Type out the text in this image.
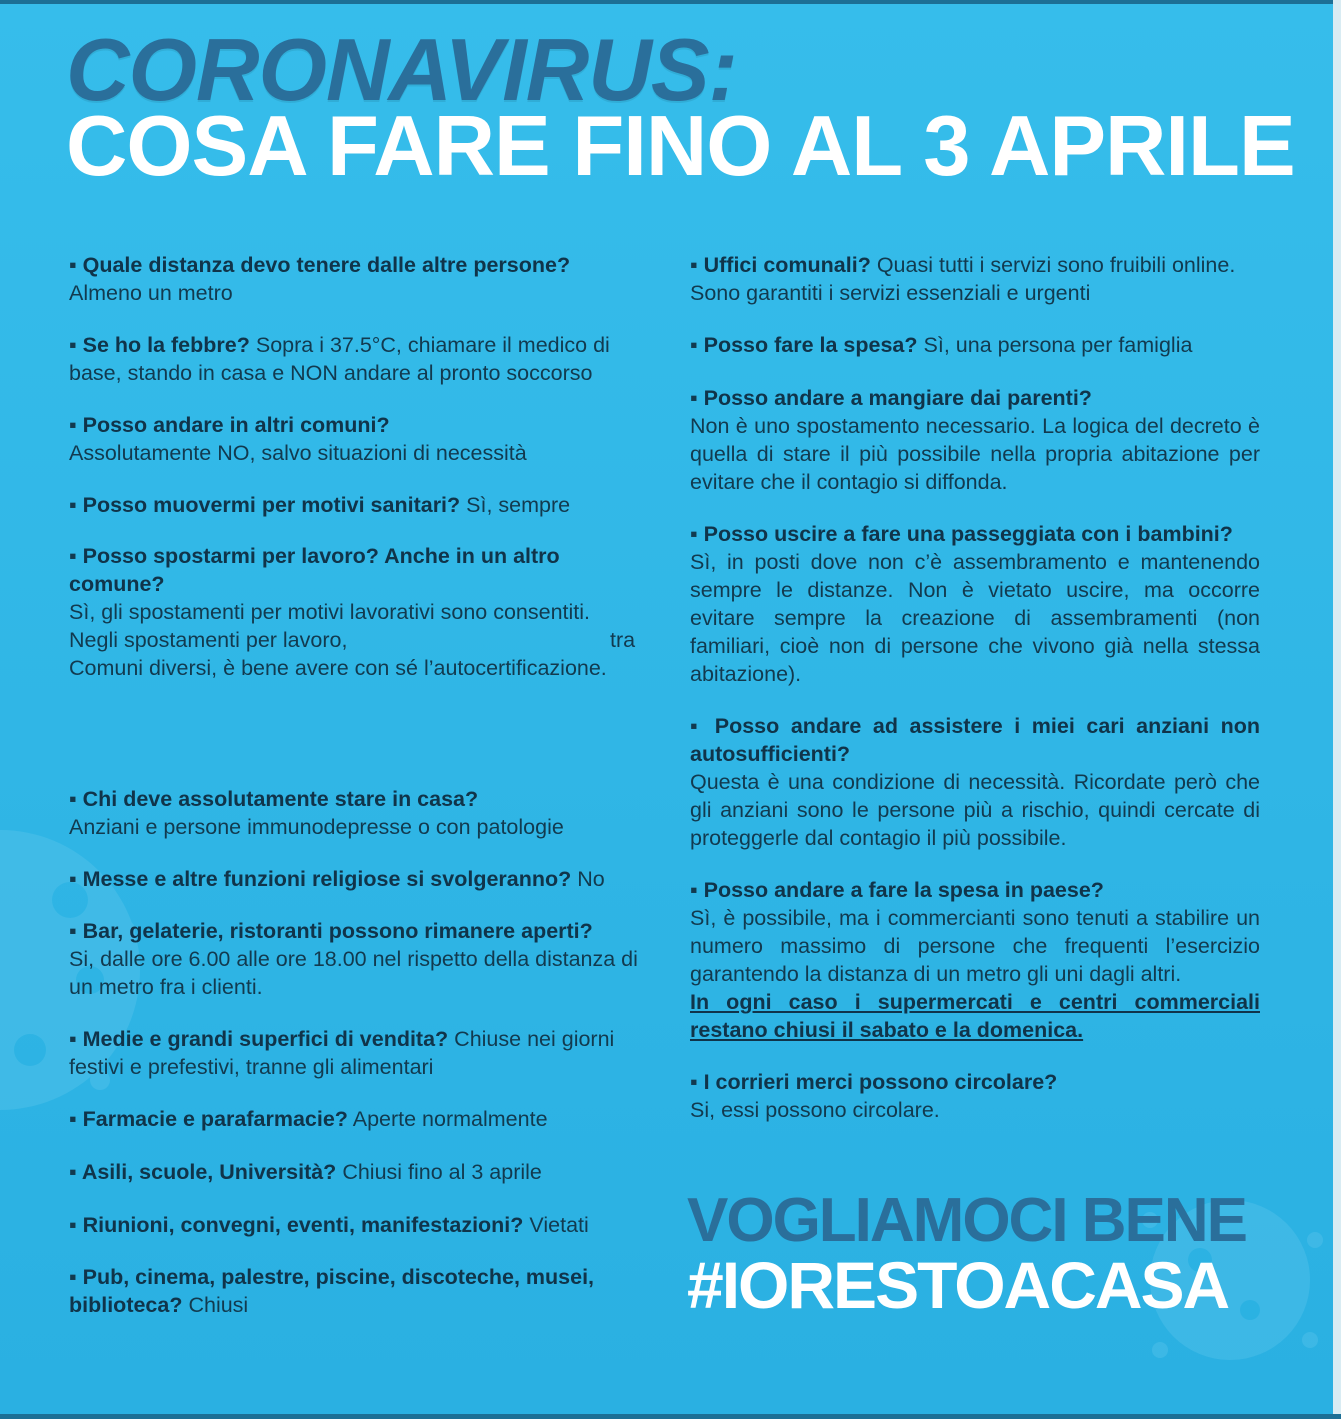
CORONAVIRUS:
COSA FARE FINO AL 3 APRILE
▪ Quale distanza devo tenere dalle altre persone?
Almeno un metro
▪ Se ho la febbre? Sopra i 37.5°C, chiamare il medico di base, stando in casa e NON andare al pronto soccorso
▪ Posso andare in altri comuni?
Assolutamente NO, salvo situazioni di necessità
▪ Posso muovermi per motivi sanitari? Sì, sempre
▪ Posso spostarmi per lavoro? Anche in un altro comune?
Sì, gli spostamenti per motivi lavorativi sono consentiti.
Negli spostamenti per lavoro,	tra
Comuni diversi, è bene avere con sé l’autocertificazione.
▪ Chi deve assolutamente stare in casa?
Anziani e persone immunodepresse o con patologie
▪ Messe e altre funzioni religiose si svolgeranno? No
▪ Bar, gelaterie, ristoranti possono rimanere aperti?
Si, dalle ore 6.00 alle ore 18.00 nel rispetto della distanza di un metro fra i clienti.
▪ Medie e grandi superfici di vendita? Chiuse nei giorni festivi e prefestivi, tranne gli alimentari
▪ Farmacie e parafarmacie? Aperte normalmente
▪ Asili, scuole, Università? Chiusi fino al 3 aprile
▪ Riunioni, convegni, eventi, manifestazioni? Vietati
▪ Pub, cinema, palestre, piscine, discoteche, musei, biblioteca? Chiusi
▪ Uffici comunali? Quasi tutti i servizi sono fruibili online. Sono garantiti i servizi essenziali e urgenti
▪ Posso fare la spesa? Sì, una persona per famiglia
▪ Posso andare a mangiare dai parenti?
Non è uno spostamento necessario. La logica del decreto è quella di stare il più possibile nella propria abitazione per evitare che il contagio si diffonda.
▪ Posso uscire a fare una passeggiata con i bambini?
Sì, in posti dove non c’è assembramento e mantenendo sempre le distanze. Non è vietato uscire, ma occorre evitare sempre la creazione di assembramenti (non familiari, cioè non di persone che vivono già nella stessa abitazione).
▪ Posso andare ad assistere i miei cari anziani non autosufficienti?
Questa è una condizione di necessità. Ricordate però che gli anziani sono le persone più a rischio, quindi cercate di proteggerle dal contagio il più possibile.
▪ Posso andare a fare la spesa in paese?
Sì, è possibile, ma i commercianti sono tenuti a stabilire un numero massimo di persone che frequenti l’esercizio garantendo la distanza di un metro gli uni dagli altri.
In ogni caso i supermercati e centri commerciali restano chiusi il sabato e la domenica.
▪ I corrieri merci possono circolare?
Si, essi possono circolare.
VOGLIAMOCI BENE
#IORESTOACASA
